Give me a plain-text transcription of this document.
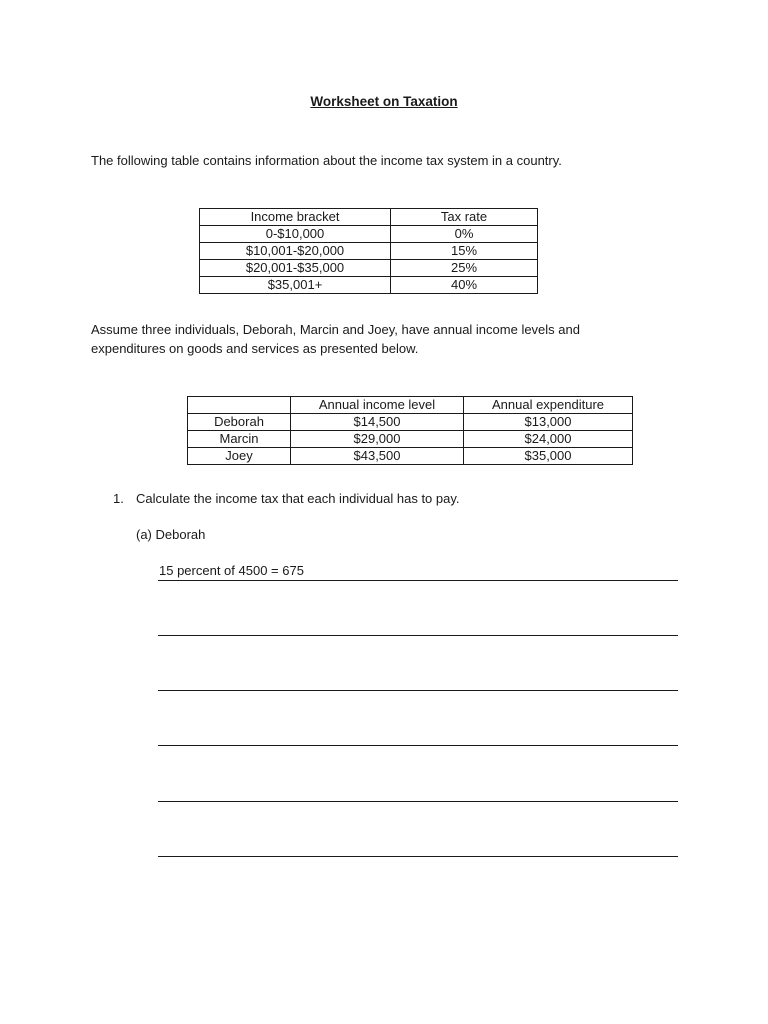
Worksheet on Taxation
The following table contains information about the income tax system in a country.
Income bracket	Tax rate
0-$10,000	0%
$10,001-$20,000	15%
$20,001-$35,000	25%
$35,001+	40%
Assume three individuals, Deborah, Marcin and Joey, have annual income levels and expenditures on goods and services as presented below.
	Annual income level	Annual expenditure
Deborah	$14,500	$13,000
Marcin	$29,000	$24,000
Joey	$43,500	$35,000
1. Calculate the income tax that each individual has to pay.
(a) Deborah
15 percent of 4500 = 675
